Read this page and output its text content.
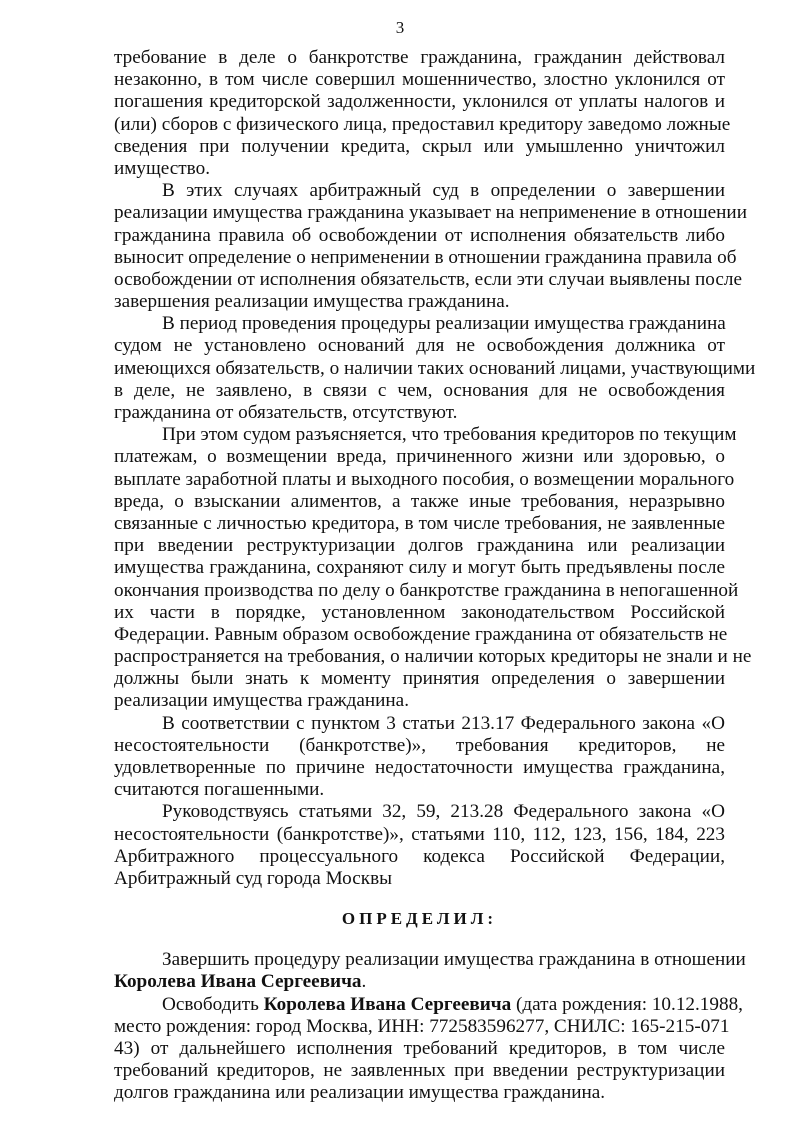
3
требование в деле о банкротстве гражданина, гражданин действовал
незаконно, в том числе совершил мошенничество, злостно уклонился от
погашения кредиторской задолженности, уклонился от уплаты налогов и
(или) сборов с физического лица, предоставил кредитору заведомо ложные
сведения при получении кредита, скрыл или умышленно уничтожил
имущество.
В этих случаях арбитражный суд в определении о завершении
реализации имущества гражданина указывает на неприменение в отношении
гражданина правила об освобождении от исполнения обязательств либо
выносит определение о неприменении в отношении гражданина правила об
освобождении от исполнения обязательств, если эти случаи выявлены после
завершения реализации имущества гражданина.
В период проведения процедуры реализации имущества гражданина
судом не установлено оснований для не освобождения должника от
имеющихся обязательств, о наличии таких оснований лицами, участвующими
в деле, не заявлено, в связи с чем, основания для не освобождения
гражданина от обязательств, отсутствуют.
При этом судом разъясняется, что требования кредиторов по текущим
платежам, о возмещении вреда, причиненного жизни или здоровью, о
выплате заработной платы и выходного пособия, о возмещении морального
вреда, о взыскании алиментов, а также иные требования, неразрывно
связанные с личностью кредитора, в том числе требования, не заявленные
при введении реструктуризации долгов гражданина или реализации
имущества гражданина, сохраняют силу и могут быть предъявлены после
окончания производства по делу о банкротстве гражданина в непогашенной
их части в порядке, установленном законодательством Российской
Федерации. Равным образом освобождение гражданина от обязательств не
распространяется на требования, о наличии которых кредиторы не знали и не
должны были знать к моменту принятия определения о завершении
реализации имущества гражданина.
В соответствии с пунктом 3 статьи 213.17 Федерального закона «О
несостоятельности (банкротстве)», требования кредиторов, не
удовлетворенные по причине недостаточности имущества гражданина,
считаются погашенными.
Руководствуясь статьями 32, 59, 213.28 Федерального закона «О
несостоятельности (банкротстве)», статьями 110, 112, 123, 156, 184, 223
Арбитражного процессуального кодекса Российской Федерации,
Арбитражный суд города Москвы
ОПРЕДЕЛИЛ:
Завершить процедуру реализации имущества гражданина в отношении
Королева Ивана Сергеевича.
Освободить Королева Ивана Сергеевича (дата рождения: 10.12.1988,
место рождения: город Москва, ИНН: 772583596277, СНИЛС: 165-215-071
43) от дальнейшего исполнения требований кредиторов, в том числе
требований кредиторов, не заявленных при введении реструктуризации
долгов гражданина или реализации имущества гражданина.
